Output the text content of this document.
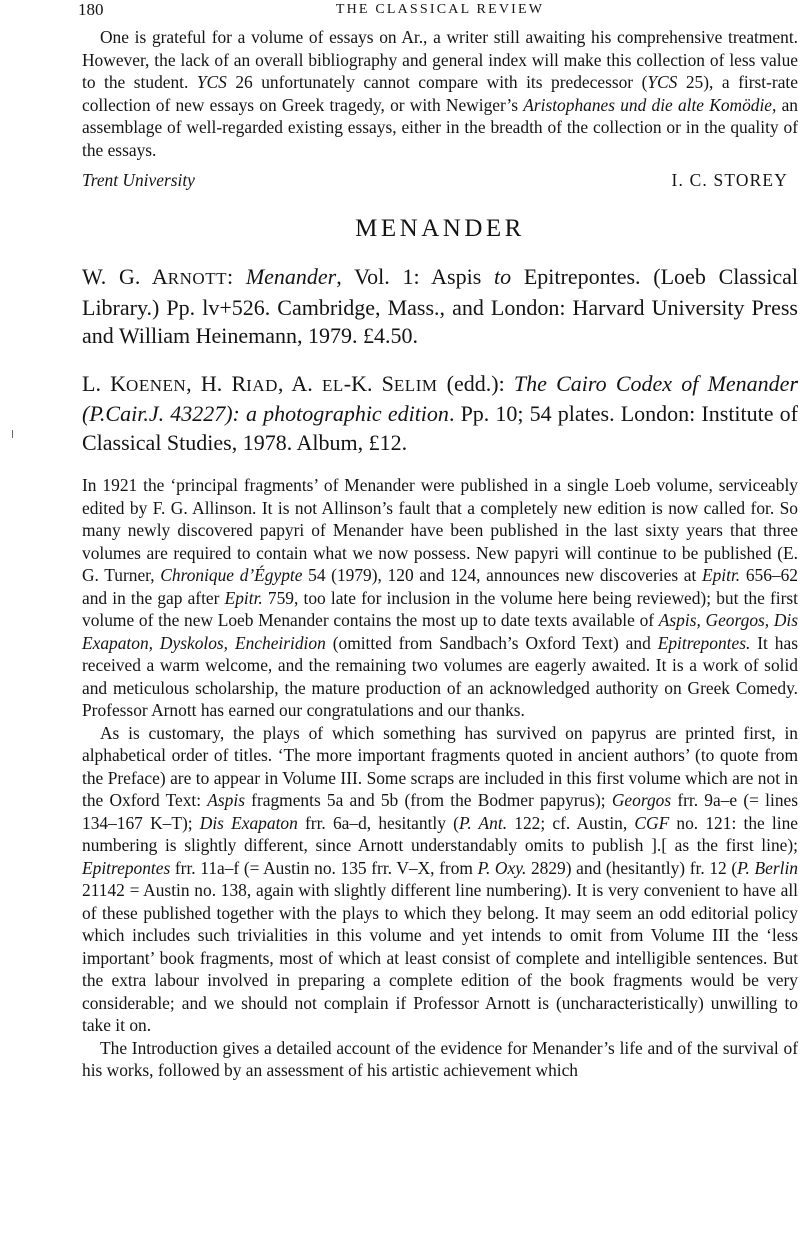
180	THE CLASSICAL REVIEW

One is grateful for a volume of essays on Ar., a writer still awaiting his comprehensive treatment. However, the lack of an overall bibliography and general index will make this collection of less value to the student. YCS 26 unfortunately cannot compare with its predecessor (YCS 25), a first-rate collection of new essays on Greek tragedy, or with Newiger’s Aristophanes und die alte Komödie, an assemblage of well-regarded existing essays, either in the breadth of the collection or in the quality of the essays.

Trent University	I. C. STOREY
MENANDER

W. G. ARNOTT: Menander, Vol. 1: Aspis to Epitrepontes. (Loeb Classical Library.) Pp. lv+526. Cambridge, Mass., and London: Harvard University Press and William Heinemann, 1979. £4.50.

L. KOENEN, H. RIAD, A. EL-K. SELIM (edd.): The Cairo Codex of Menander (P.Cair.J. 43227): a photographic edition. Pp. 10; 54 plates. London: Institute of Classical Studies, 1978. Album, £12.

In 1921 the ‘principal fragments’ of Menander were published in a single Loeb volume, serviceably edited by F. G. Allinson. It is not Allinson’s fault that a completely new edition is now called for. So many newly discovered papyri of Menander have been published in the last sixty years that three volumes are required to contain what we now possess. New papyri will continue to be published (E. G. Turner, Chronique d’Égypte 54 (1979), 120 and 124, announces new discoveries at Epitr. 656–62 and in the gap after Epitr. 759, too late for inclusion in the volume here being reviewed); but the first volume of the new Loeb Menander contains the most up to date texts available of Aspis, Georgos, Dis Exapaton, Dyskolos, Encheiridion (omitted from Sandbach’s Oxford Text) and Epitrepontes. It has received a warm welcome, and the remaining two volumes are eagerly awaited. It is a work of solid and meticulous scholarship, the mature production of an acknowledged authority on Greek Comedy. Professor Arnott has earned our congratulations and our thanks.

As is customary, the plays of which something has survived on papyrus are printed first, in alphabetical order of titles. ‘The more important fragments quoted in ancient authors’ (to quote from the Preface) are to appear in Volume III. Some scraps are included in this first volume which are not in the Oxford Text: Aspis fragments 5a and 5b (from the Bodmer papyrus); Georgos frr. 9a–e (= lines 134–167 K–T); Dis Exapaton frr. 6a–d, hesitantly (P. Ant. 122; cf. Austin, CGF no. 121: the line numbering is slightly different, since Arnott understandably omits to publish ].[ as the first line); Epitrepontes frr. 11a–f (= Austin no. 135 frr. V–X, from P. Oxy. 2829) and (hesitantly) fr. 12 (P. Berlin 21142 = Austin no. 138, again with slightly different line numbering). It is very convenient to have all of these published together with the plays to which they belong. It may seem an odd editorial policy which includes such trivialities in this volume and yet intends to omit from Volume III the ‘less important’ book fragments, most of which at least consist of complete and intelligible sentences. But the extra labour involved in preparing a complete edition of the book fragments would be very considerable; and we should not complain if Professor Arnott is (uncharacteristically) unwilling to take it on.

The Introduction gives a detailed account of the evidence for Menander’s life and of the survival of his works, followed by an assessment of his artistic achievement which
